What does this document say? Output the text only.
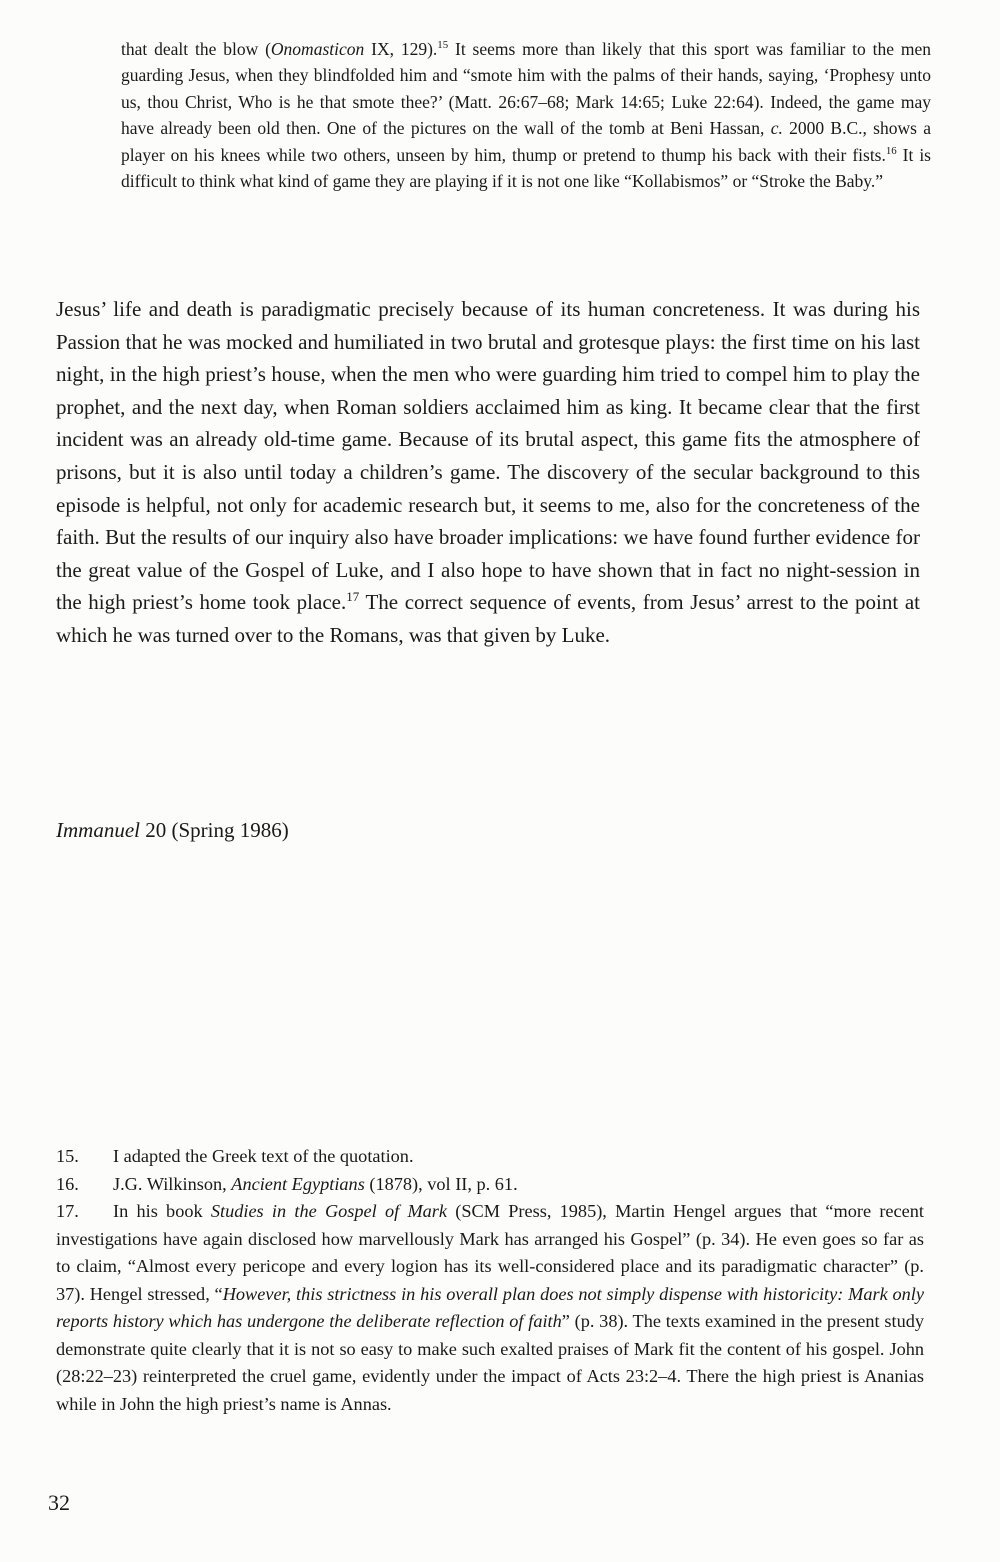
that dealt the blow (Onomasticon IX, 129).$^{15}$ It seems more than likely that this sport was familiar to the men guarding Jesus, when they blindfolded him and “smote him with the palms of their hands, saying, ‘Prophesy unto us, thou Christ, Who is he that smote thee?’ (Matt. 26:67–68; Mark 14:65; Luke 22:64). Indeed, the game may have already been old then. One of the pictures on the wall of the tomb at Beni Hassan, c. 2000 B.C., shows a player on his knees while two others, unseen by him, thump or pretend to thump his back with their fists.$^{16}$ It is difficult to think what kind of game they are playing if it is not one like “Kollabismos” or “Stroke the Baby.”
Jesus’ life and death is paradigmatic precisely because of its human concreteness. It was during his Passion that he was mocked and humiliated in two brutal and grotesque plays: the first time on his last night, in the high priest’s house, when the men who were guarding him tried to compel him to play the prophet, and the next day, when Roman soldiers acclaimed him as king. It became clear that the first incident was an already old-time game. Because of its brutal aspect, this game fits the atmosphere of prisons, but it is also until today a children’s game. The discovery of the secular background to this episode is helpful, not only for academic research but, it seems to me, also for the concreteness of the faith. But the results of our inquiry also have broader implications: we have found further evidence for the great value of the Gospel of Luke, and I also hope to have shown that in fact no night-session in the high priest’s home took place.$^{17}$ The correct sequence of events, from Jesus’ arrest to the point at which he was turned over to the Romans, was that given by Luke.
Immanuel 20 (Spring 1986)
15. I adapted the Greek text of the quotation.
16. J.G. Wilkinson, Ancient Egyptians (1878), vol II, p. 61.
17. In his book Studies in the Gospel of Mark (SCM Press, 1985), Martin Hengel argues that “more recent investigations have again disclosed how marvellously Mark has arranged his Gospel” (p. 34). He even goes so far as to claim, “Almost every pericope and every logion has its well-considered place and its paradigmatic character” (p. 37). Hengel stressed, “However, this strictness in his overall plan does not simply dispense with historicity: Mark only reports history which has undergone the deliberate reflection of faith” (p. 38). The texts examined in the present study demonstrate quite clearly that it is not so easy to make such exalted praises of Mark fit the content of his gospel. John (28:22–23) reinterpreted the cruel game, evidently under the impact of Acts 23:2–4. There the high priest is Ananias while in John the high priest’s name is Annas.
32
